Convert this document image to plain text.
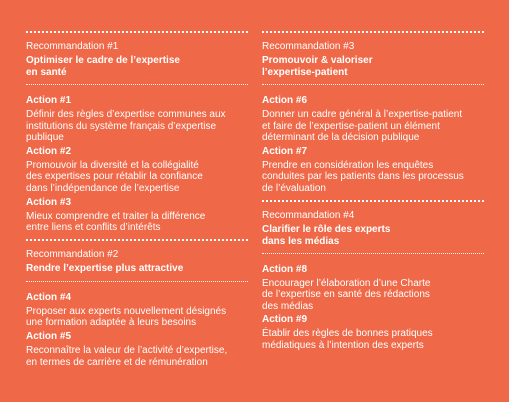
Recommandation #1
Optimiser le cadre de l’expertise
en santé
Action #1
Définir des règles d’expertise communes aux
institutions du système français d’expertise
publique
Action #2
Promouvoir la diversité et la collégialité
des expertises pour rétablir la confiance
dans l’indépendance de l’expertise
Action #3
Mieux comprendre et traiter la différence
entre liens et conflits d’intérêts
Recommandation #2
Rendre l’expertise plus attractive
Action #4
Proposer aux experts nouvellement désignés
une formation adaptée à leurs besoins
Action #5
Reconnaître la valeur de l’activité d’expertise,
en termes de carrière et de rémunération
Recommandation #3
Promouvoir & valoriser
l’expertise-patient
Action #6
Donner un cadre général à l’expertise-patient
et faire de l’expertise-patient un élément
déterminant de la décision publique
Action #7
Prendre en considération les enquêtes
conduites par les patients dans les processus
de l’évaluation
Recommandation #4
Clarifier le rôle des experts
dans les médias
Action #8
Encourager l’élaboration d’une Charte
de l’expertise en santé des rédactions
des médias
Action #9
Établir des règles de bonnes pratiques
médiatiques à l’intention des experts
